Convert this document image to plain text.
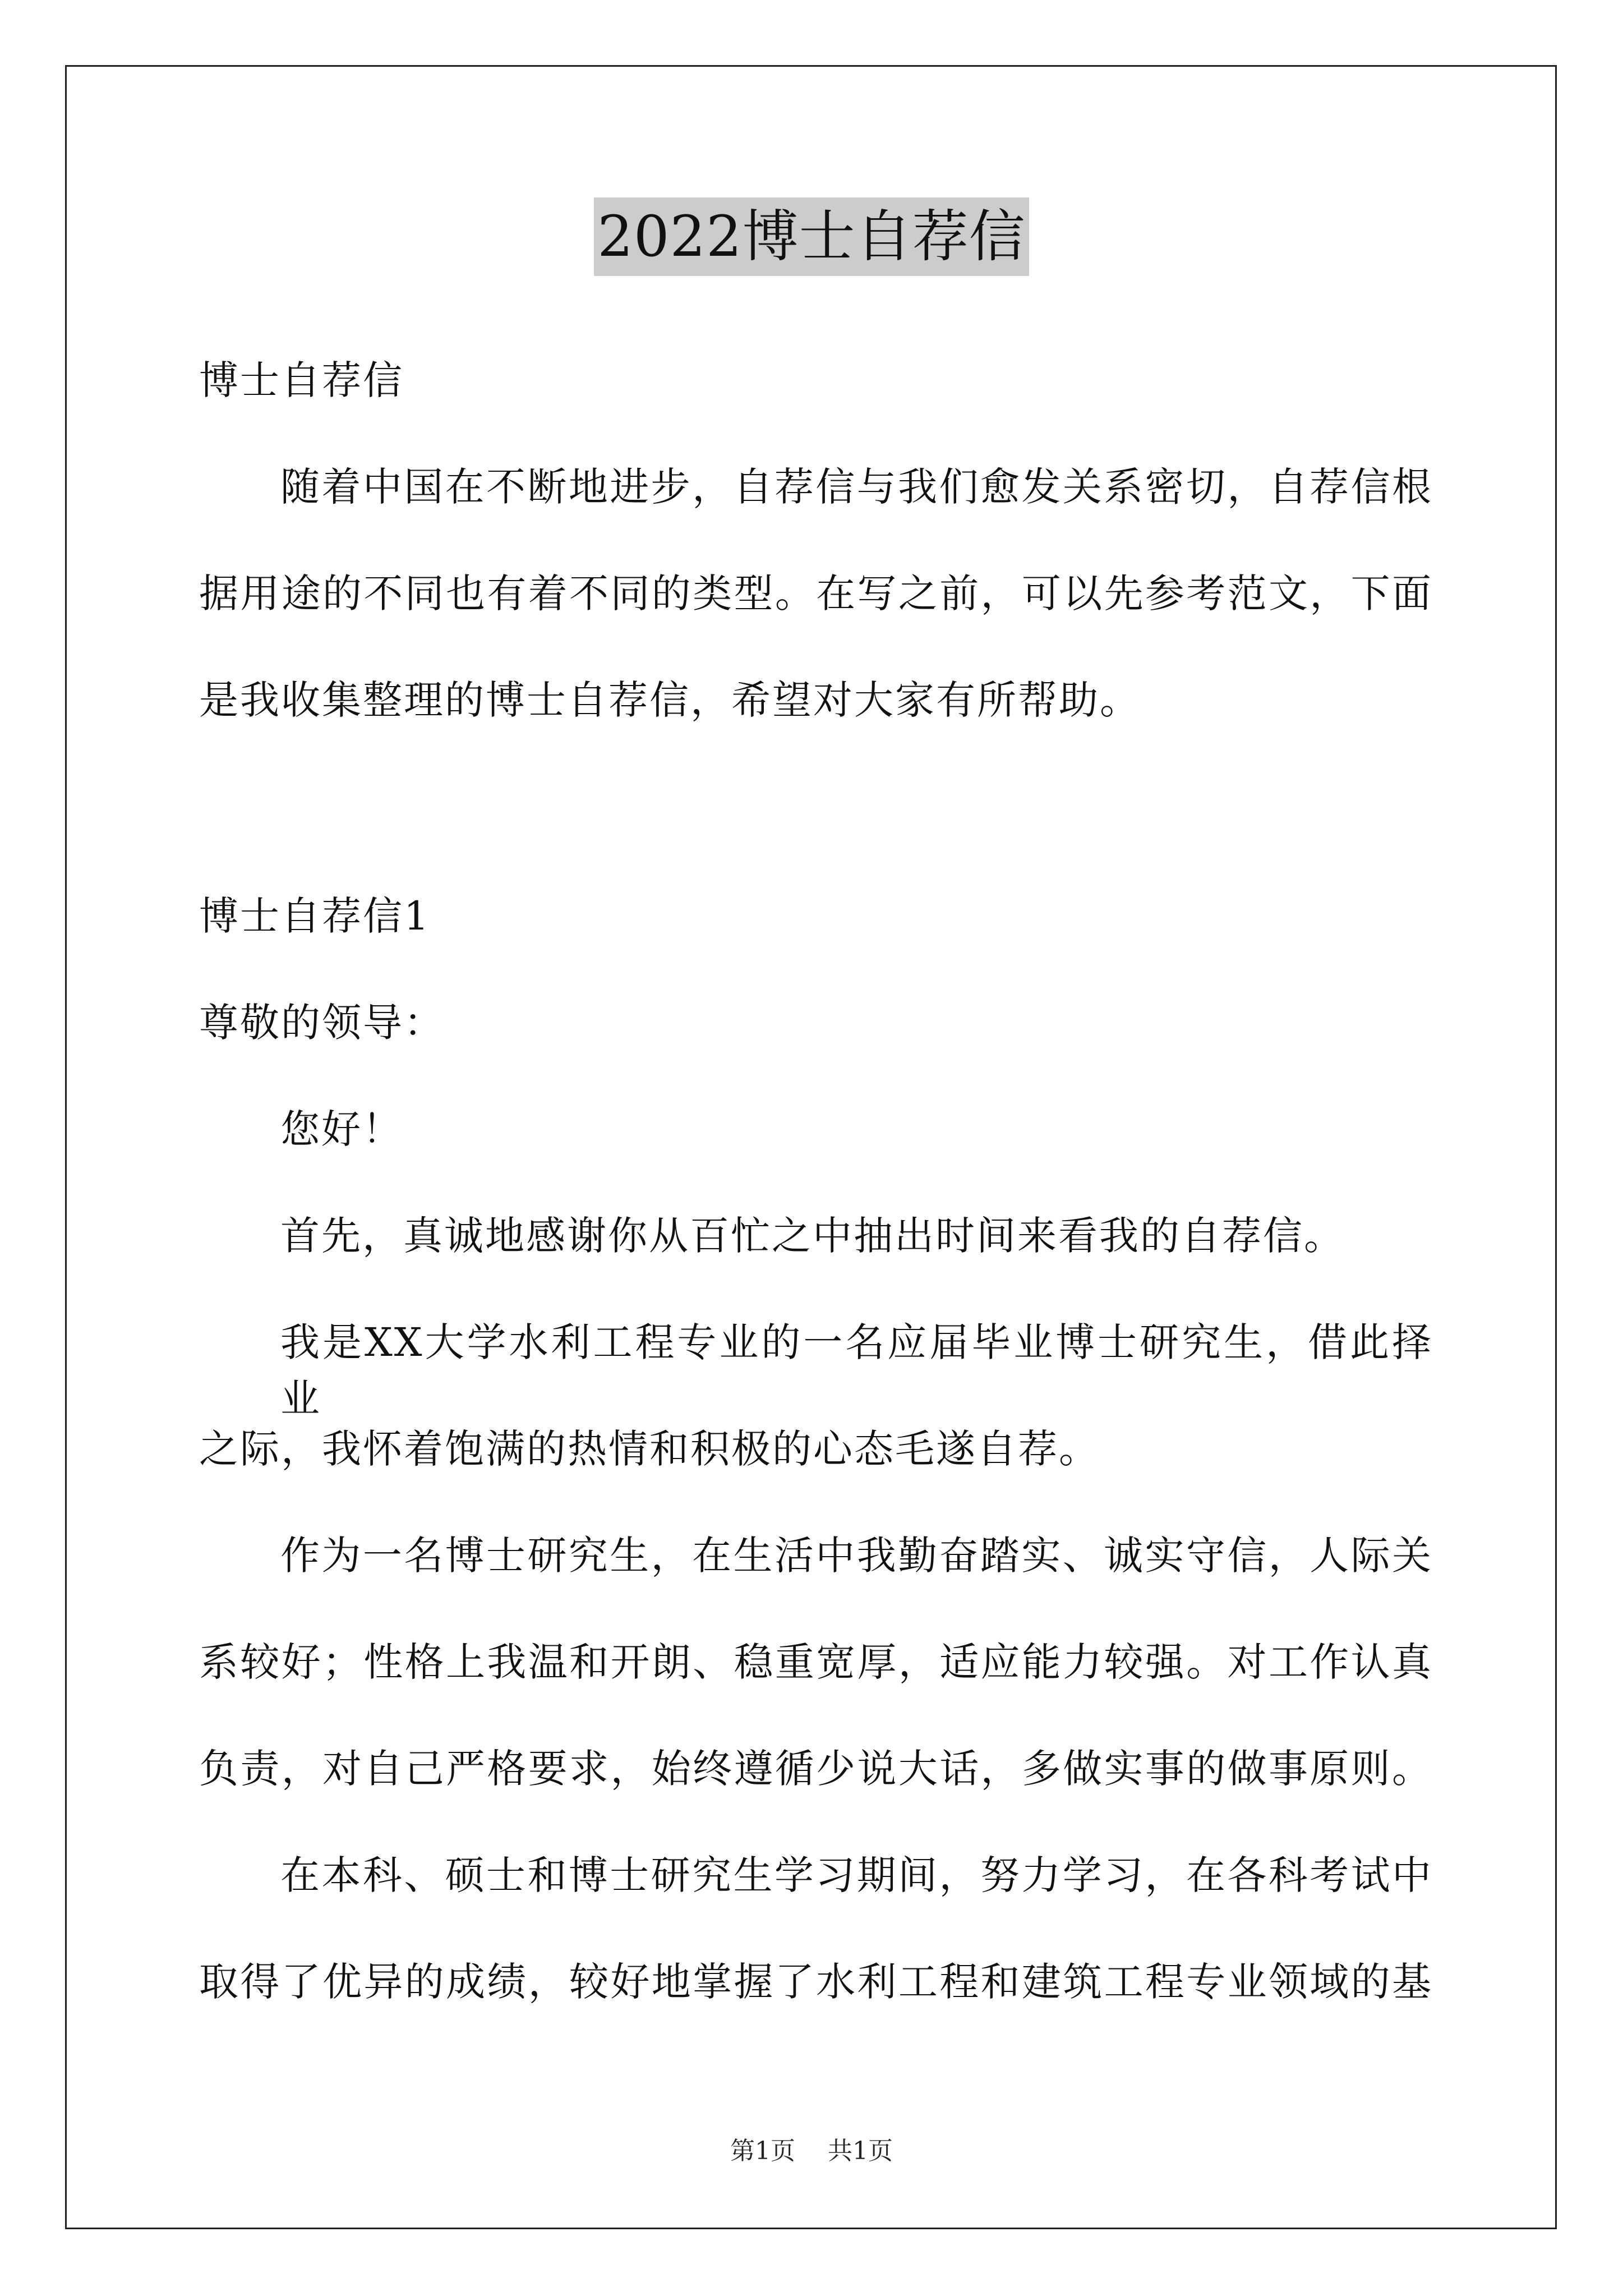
2022博士自荐信
博士自荐信
随着中国在不断地进步，自荐信与我们愈发关系密切，自荐信根
据用途的不同也有着不同的类型。在写之前，可以先参考范文，下面
是我收集整理的博士自荐信，希望对大家有所帮助。
博士自荐信1
尊敬的领导：
您好！
首先，真诚地感谢你从百忙之中抽出时间来看我的自荐信。
我是XX大学水利工程专业的一名应届毕业博士研究生，借此择业
之际，我怀着饱满的热情和积极的心态毛遂自荐。
作为一名博士研究生，在生活中我勤奋踏实、诚实守信，人际关
系较好；性格上我温和开朗、稳重宽厚，适应能力较强。对工作认真
负责，对自己严格要求，始终遵循少说大话，多做实事的做事原则。
在本科、硕士和博士研究生学习期间，努力学习，在各科考试中
取得了优异的成绩，较好地掌握了水利工程和建筑工程专业领域的基
第1页 共1页
